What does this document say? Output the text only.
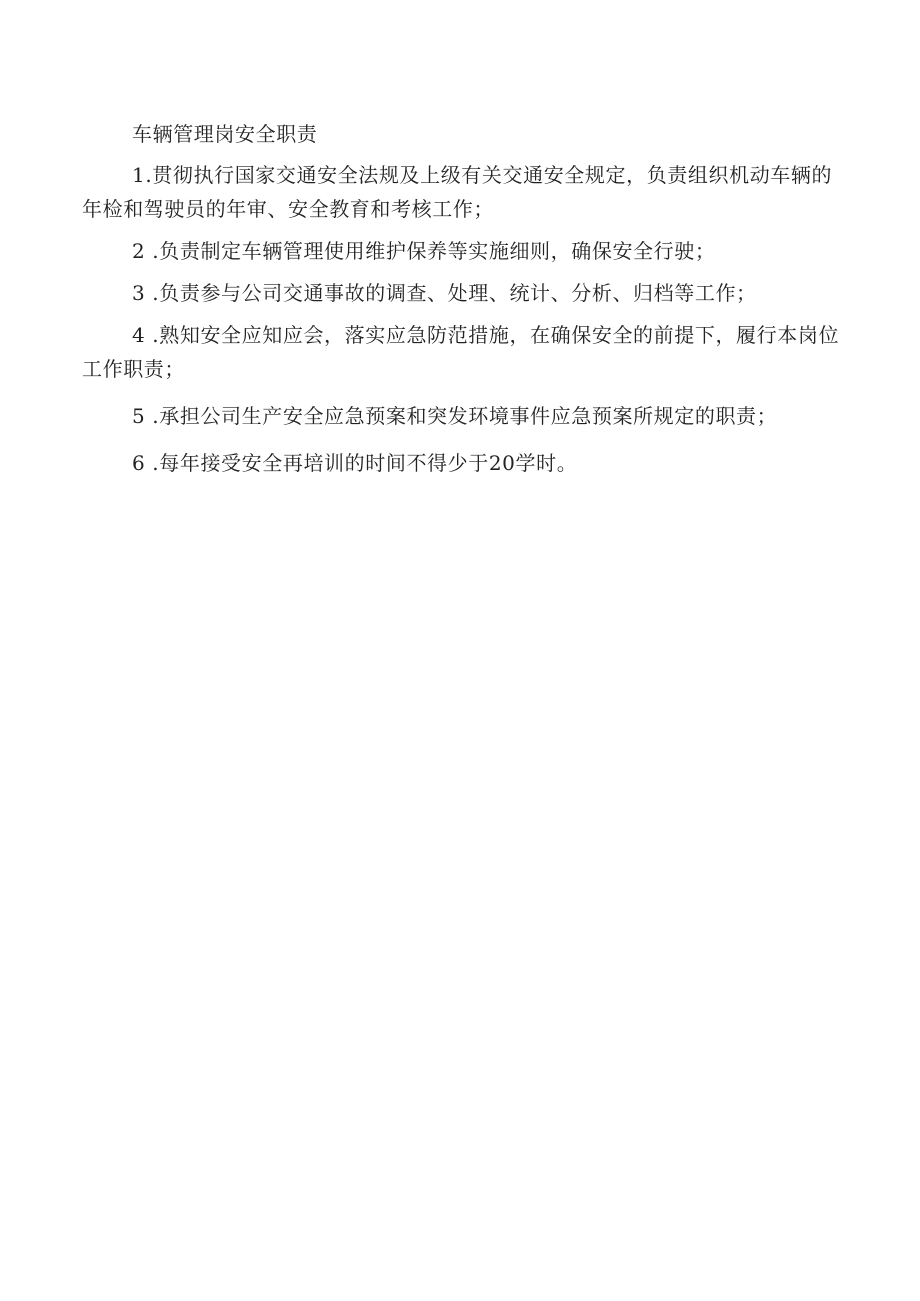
车辆管理岗安全职责
1.贯彻执行国家交通安全法规及上级有关交通安全规定，负责组织机动车辆的年检和驾驶员的年审、安全教育和考核工作；
2 .负责制定车辆管理使用维护保养等实施细则，确保安全行驶；
3 .负责参与公司交通事故的调查、处理、统计、分析、归档等工作；
4 .熟知安全应知应会，落实应急防范措施，在确保安全的前提下，履行本岗位工作职责；
5 .承担公司生产安全应急预案和突发环境事件应急预案所规定的职责；
6 .每年接受安全再培训的时间不得少于20学时。
